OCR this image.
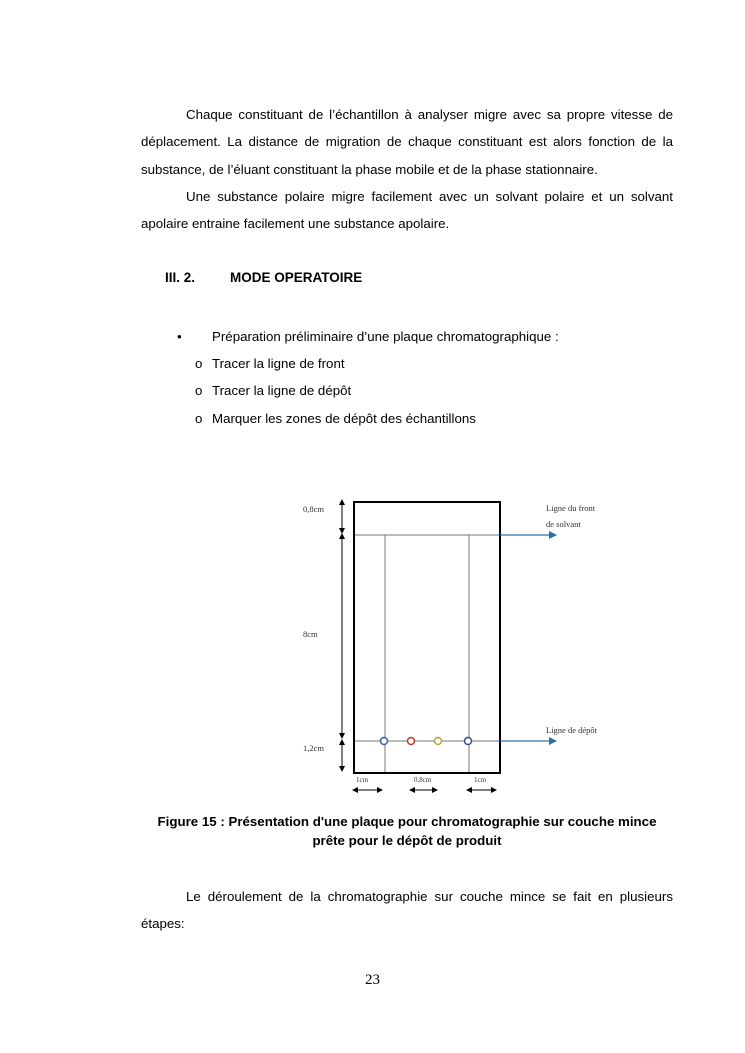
Chaque constituant de l’échantillon à analyser migre avec sa propre vitesse de déplacement. La distance de migration de chaque constituant est alors fonction de la substance, de l’éluant constituant la phase mobile et de la phase stationnaire.

Une substance polaire migre facilement avec un solvant polaire et un solvant apolaire entraine facilement une substance apolaire.

III. 2.	MODE OPERATOIRE
• Préparation préliminaire d’une plaque chromatographique :
o Tracer la ligne de front
o Tracer la ligne de dépôt
o Marquer les zones de dépôt des échantillons
0,8cm
8cm
1,2cm
Ligne du front
de solvant
Ligne de dépôt
1cm	0,8cm	1cm
Figure 15 : Présentation d'une plaque pour chromatographie sur couche mince prête pour le dépôt de produit

Le déroulement de la chromatographie sur couche mince se fait en plusieurs étapes:

23
